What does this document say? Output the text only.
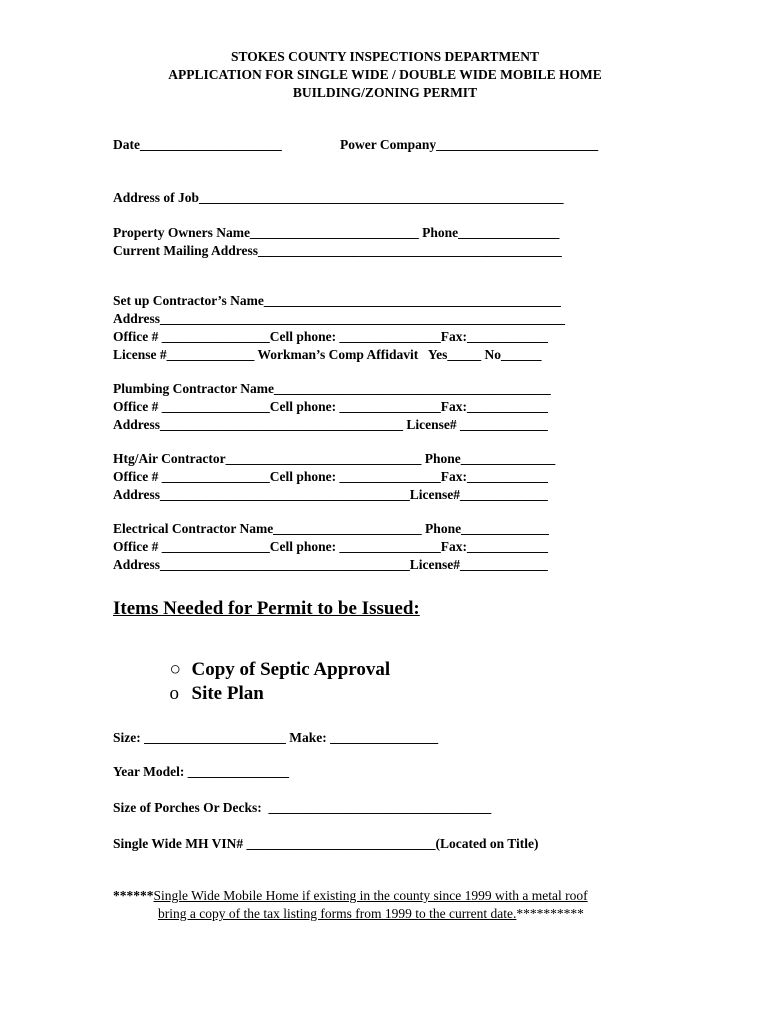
STOKES COUNTY INSPECTIONS DEPARTMENT
APPLICATION FOR SINGLE WIDE / DOUBLE WIDE MOBILE HOME
BUILDING/ZONING PERMIT
Date_____________________	Power Company________________________
Address of Job______________________________________________________
Property Owners Name_________________________ Phone_______________
Current Mailing Address_____________________________________________
Set up Contractor’s Name____________________________________________
Address____________________________________________________________
Office # ________________Cell phone: _______________Fax:____________
License #_____________ Workman’s Comp Affidavit   Yes_____ No______
Plumbing Contractor Name_________________________________________
Office # ________________Cell phone: _______________Fax:____________
Address____________________________________ License# _____________
Htg/Air Contractor_____________________________ Phone______________
Office # ________________Cell phone: _______________Fax:____________
Address_____________________________________License#_____________
Electrical Contractor Name______________________ Phone_____________
Office # ________________Cell phone: _______________Fax:____________
Address_____________________________________License#_____________
Items Needed for Permit to be Issued:

○ Copy of Septic Approval

o Site Plan

Size: _____________________ Make: ________________
Year Model: _______________
Size of Porches Or Decks:  _________________________________
Single Wide MH VIN# ____________________________(Located on Title)
******Single Wide Mobile Home if existing in the county since 1999 with a metal roof
bring a copy of the tax listing forms from 1999 to the current date.**********
